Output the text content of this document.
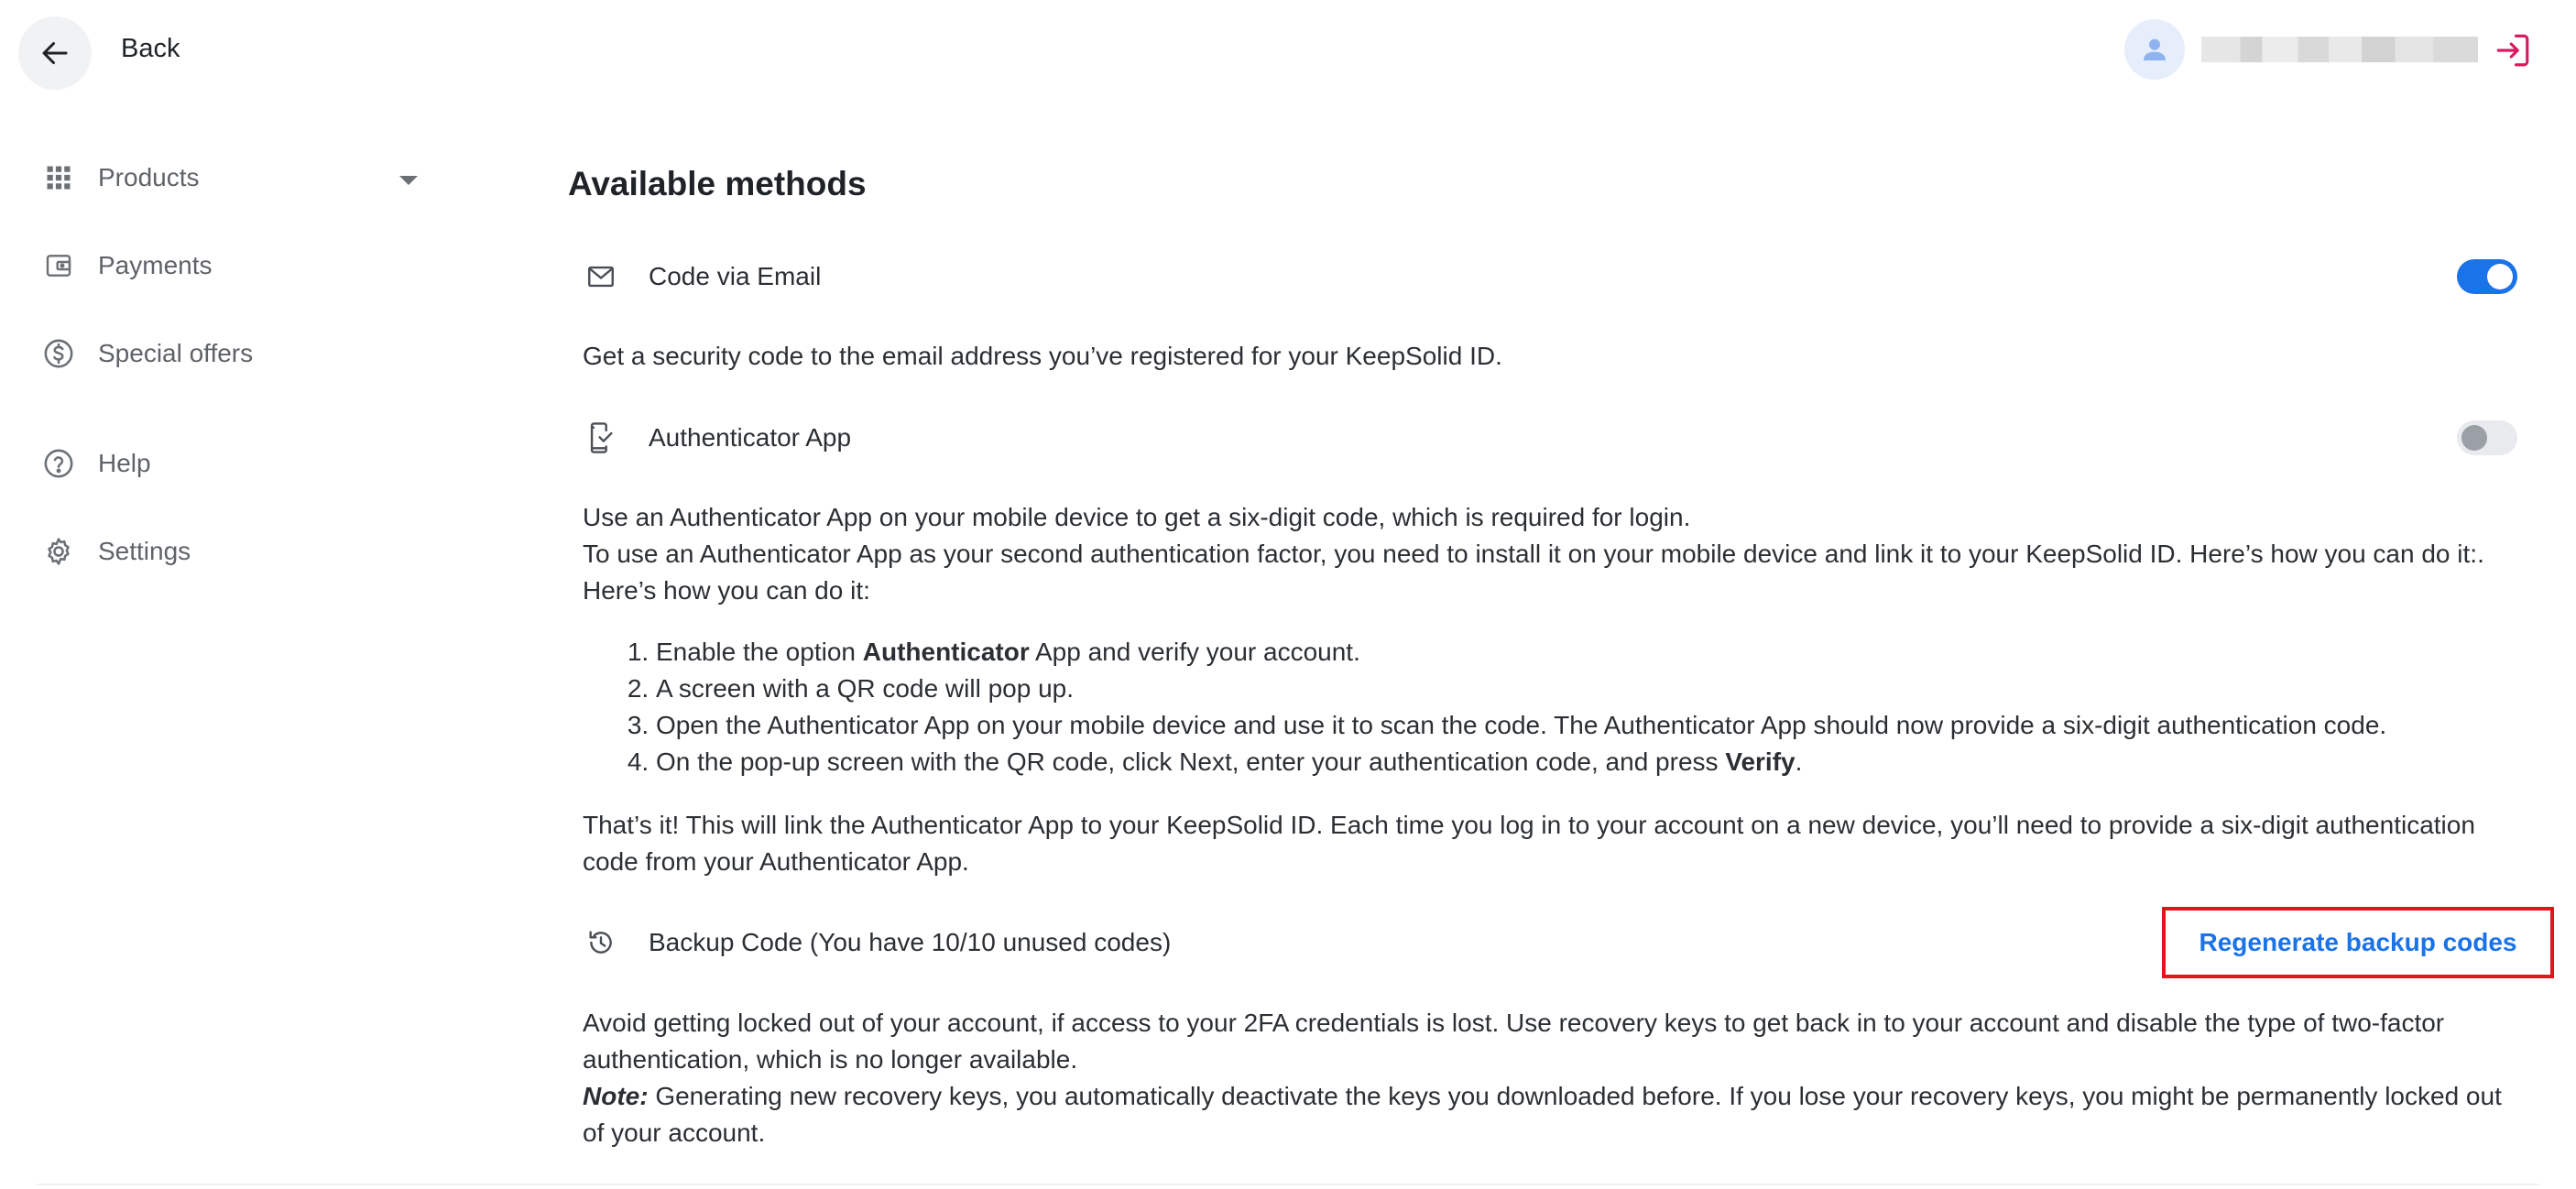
Back
Products
Payments
Special offers
Help
Settings
Available methods
Code via Email
Get a security code to the email address you’ve registered for your KeepSolid ID.
Authenticator App

Use an Authenticator App on your mobile device to get a six-digit code, which is required for login.

To use an Authenticator App as your second authentication factor, you need to install it on your mobile device and link it to your KeepSolid ID. Here’s how you can do it:.

Here’s how you can do it:

1. Enable the option Authenticator App and verify your account.
2. A screen with a QR code will pop up.
3. Open the Authenticator App on your mobile device and use it to scan the code. The Authenticator App should now provide a six-digit authentication code.
4. On the pop-up screen with the QR code, click Next, enter your authentication code, and press Verify.
That’s it! This will link the Authenticator App to your KeepSolid ID. Each time you log in to your account on a new device, you’ll need to provide a six-digit authentication code from your Authenticator App.
Backup Code (You have 10/10 unused codes)	Regenerate backup codes

Avoid getting locked out of your account, if access to your 2FA credentials is lost. Use recovery keys to get back in to your account and disable the type of two-factor authentication, which is no longer available.

Note: Generating new recovery keys, you automatically deactivate the keys you downloaded before. If you lose your recovery keys, you might be permanently locked out of your account.
